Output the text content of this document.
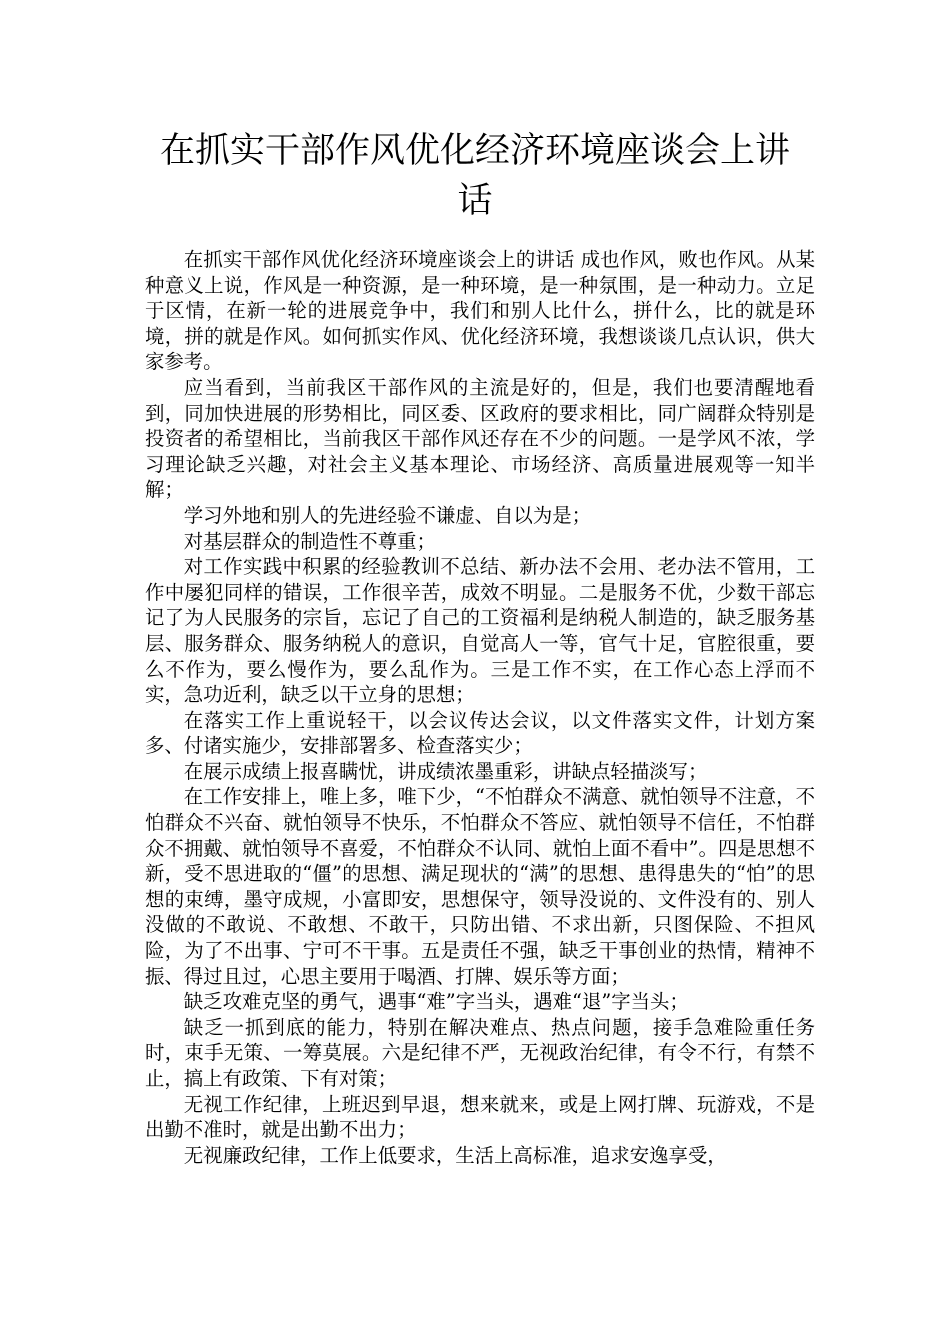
在抓实干部作风优化经济环境座谈会上讲话

在抓实干部作风优化经济环境座谈会上的讲话 成也作风，败也作风。从某种意义上说，作风是一种资源，是一种环境，是一种氛围，是一种动力。立足于区情，在新一轮的进展竞争中，我们和别人比什么，拼什么，比的就是环境，拼的就是作风。如何抓实作风、优化经济环境，我想谈谈几点认识，供大家参考。

应当看到，当前我区干部作风的主流是好的，但是，我们也要清醒地看到，同加快进展的形势相比，同区委、区政府的要求相比，同广阔群众特别是投资者的希望相比，当前我区干部作风还存在不少的问题。一是学风不浓，学习理论缺乏兴趣，对社会主义基本理论、市场经济、高质量进展观等一知半解；

学习外地和别人的先进经验不谦虚、自以为是；

对基层群众的制造性不尊重；

对工作实践中积累的经验教训不总结、新办法不会用、老办法不管用，工作中屡犯同样的错误，工作很辛苦，成效不明显。二是服务不优，少数干部忘记了为人民服务的宗旨，忘记了自己的工资福利是纳税人制造的，缺乏服务基层、服务群众、服务纳税人的意识，自觉高人一等，官气十足，官腔很重，要么不作为，要么慢作为，要么乱作为。三是工作不实，在工作心态上浮而不实，急功近利，缺乏以干立身的思想；

在落实工作上重说轻干，以会议传达会议，以文件落实文件，计划方案多、付诸实施少，安排部署多、检查落实少；

在展示成绩上报喜瞒忧，讲成绩浓墨重彩，讲缺点轻描淡写；

在工作安排上，唯上多，唯下少，“不怕群众不满意、就怕领导不注意，不怕群众不兴奋、就怕领导不快乐，不怕群众不答应、就怕领导不信任，不怕群众不拥戴、就怕领导不喜爱，不怕群众不认同、就怕上面不看中”。四是思想不新，受不思进取的“僵”的思想、满足现状的“满”的思想、患得患失的“怕”的思想的束缚，墨守成规，小富即安，思想保守，领导没说的、文件没有的、别人没做的不敢说、不敢想、不敢干，只防出错、不求出新，只图保险、不担风险，为了不出事、宁可不干事。五是责任不强，缺乏干事创业的热情，精神不振、得过且过，心思主要用于喝酒、打牌、娱乐等方面；

缺乏攻难克坚的勇气，遇事“难”字当头，遇难“退”字当头；

缺乏一抓到底的能力，特别在解决难点、热点问题，接手急难险重任务时，束手无策、一筹莫展。六是纪律不严，无视政治纪律，有令不行，有禁不止，搞上有政策、下有对策；

无视工作纪律，上班迟到早退，想来就来，或是上网打牌、玩游戏，不是出勤不准时，就是出勤不出力；

无视廉政纪律，工作上低要求，生活上高标准，追求安逸享受，
